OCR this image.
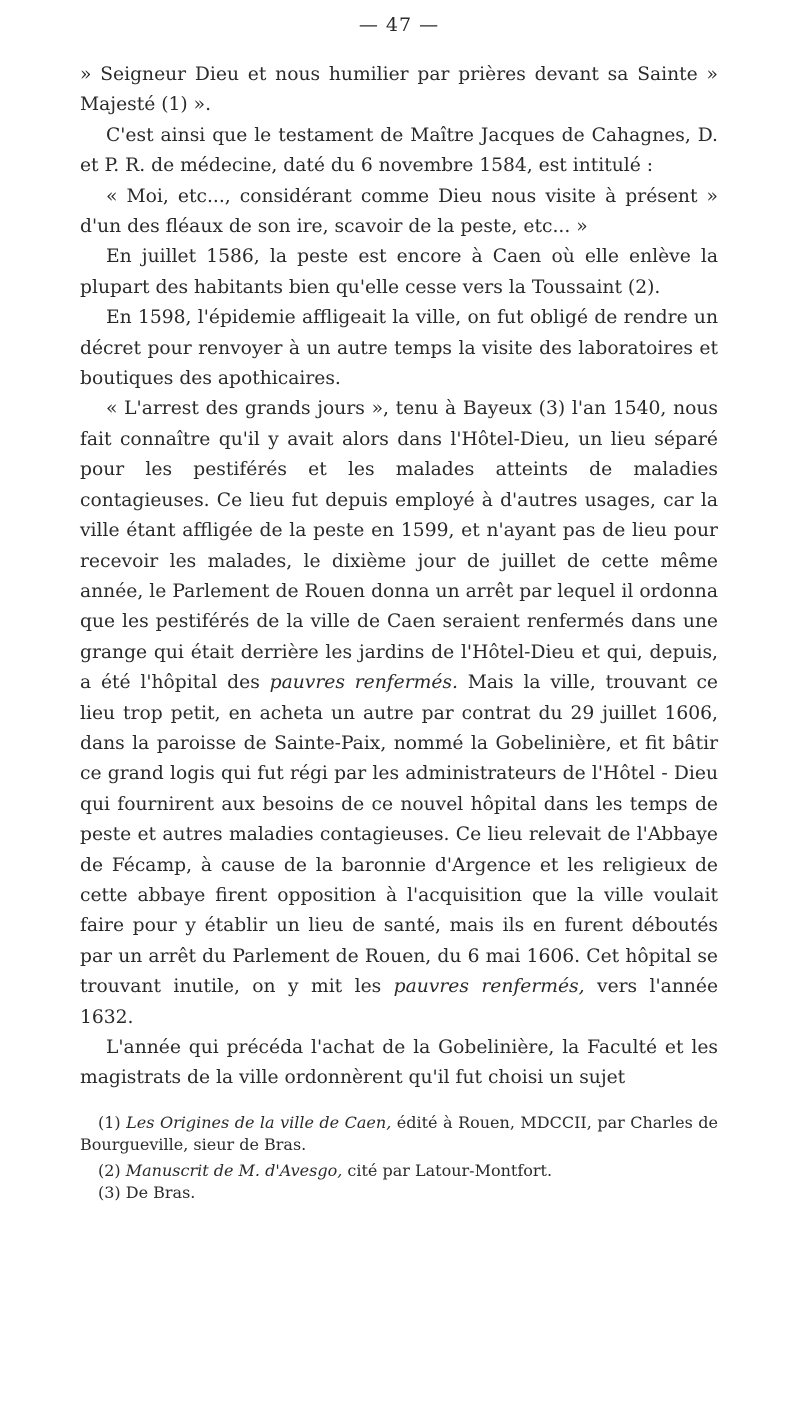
— 47 —

» Seigneur Dieu et nous humilier par prières devant sa Sainte » Majesté (1) ».

C'est ainsi que le testament de Maître Jacques de Cahagnes, D. et P. R. de médecine, daté du 6 novembre 1584, est intitulé :

« Moi, etc..., considérant comme Dieu nous visite à présent » d'un des fléaux de son ire, scavoir de la peste, etc... »

En juillet 1586, la peste est encore à Caen où elle enlève la plupart des habitants bien qu'elle cesse vers la Toussaint (2).

En 1598, l'épidemie affligeait la ville, on fut obligé de rendre un décret pour renvoyer à un autre temps la visite des laboratoires et boutiques des apothicaires.

« L'arrest des grands jours », tenu à Bayeux (3) l'an 1540, nous fait connaître qu'il y avait alors dans l'Hôtel-Dieu, un lieu séparé pour les pestiférés et les malades atteints de maladies contagieuses. Ce lieu fut depuis employé à d'autres usages, car la ville étant affligée de la peste en 1599, et n'ayant pas de lieu pour recevoir les malades, le dixième jour de juillet de cette même année, le Parlement de Rouen donna un arrêt par lequel il ordonna que les pestiférés de la ville de Caen seraient renfermés dans une grange qui était derrière les jardins de l'Hôtel-Dieu et qui, depuis, a été l'hôpital des pauvres renfermés. Mais la ville, trouvant ce lieu trop petit, en acheta un autre par contrat du 29 juillet 1606, dans la paroisse de Sainte-Paix, nommé la Gobelinière, et fit bâtir ce grand logis qui fut régi par les administrateurs de l'Hôtel - Dieu qui fournirent aux besoins de ce nouvel hôpital dans les temps de peste et autres maladies contagieuses. Ce lieu relevait de l'Abbaye de Fécamp, à cause de la baronnie d'Argence et les religieux de cette abbaye firent opposition à l'acquisition que la ville voulait faire pour y établir un lieu de santé, mais ils en furent déboutés par un arrêt du Parlement de Rouen, du 6 mai 1606. Cet hôpital se trouvant inutile, on y mit les pauvres renfermés, vers l'année 1632.

L'année qui précéda l'achat de la Gobelinière, la Faculté et les magistrats de la ville ordonnèrent qu'il fut choisi un sujet

(1) Les Origines de la ville de Caen, édité à Rouen, MDCCII, par Charles de Bourgueville, sieur de Bras.
(2) Manuscrit de M. d'Avesgo, cité par Latour-Montfort.
(3) De Bras.
